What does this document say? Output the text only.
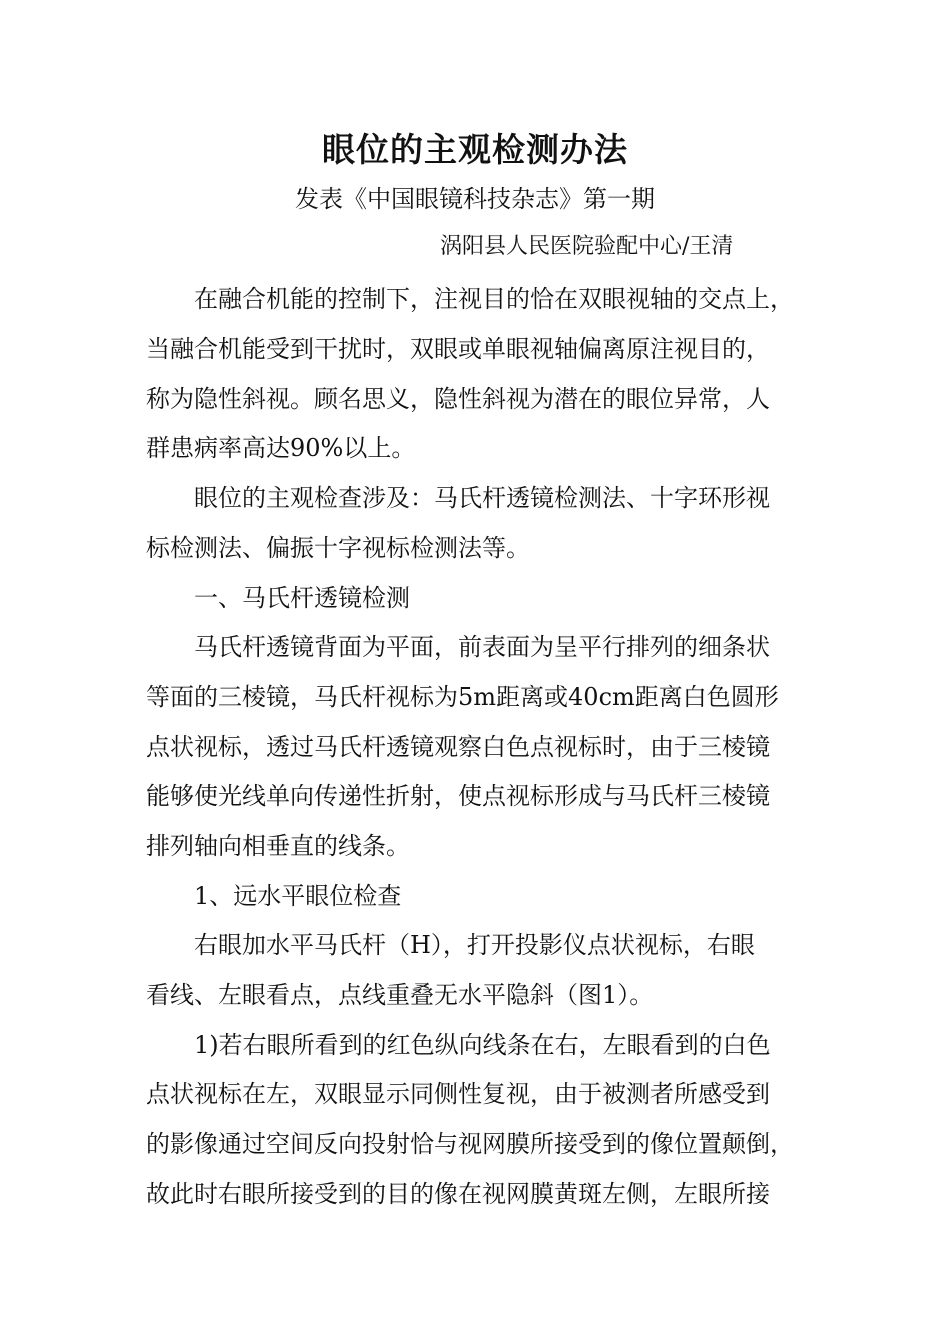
眼位的主观检测办法
发表《中国眼镜科技杂志》第一期
涡阳县人民医院验配中心/王清
在融合机能的控制下，注视目的恰在双眼视轴的交点上，
当融合机能受到干扰时，双眼或单眼视轴偏离原注视目的，
称为隐性斜视。顾名思义，隐性斜视为潜在的眼位异常，人
群患病率高达90%以上。
眼位的主观检查涉及：马氏杆透镜检测法、十字环形视
标检测法、偏振十字视标检测法等。
一、马氏杆透镜检测
马氏杆透镜背面为平面，前表面为呈平行排列的细条状
等面的三棱镜，马氏杆视标为5m距离或40cm距离白色圆形
点状视标，透过马氏杆透镜观察白色点视标时，由于三棱镜
能够使光线单向传递性折射，使点视标形成与马氏杆三棱镜
排列轴向相垂直的线条。
1、远水平眼位检查
右眼加水平马氏杆（H），打开投影仪点状视标，右眼
看线、左眼看点，点线重叠无水平隐斜（图1）。
1)若右眼所看到的红色纵向线条在右，左眼看到的白色
点状视标在左，双眼显示同侧性复视，由于被测者所感受到
的影像通过空间反向投射恰与视网膜所接受到的像位置颠倒，
故此时右眼所接受到的目的像在视网膜黄斑左侧，左眼所接
